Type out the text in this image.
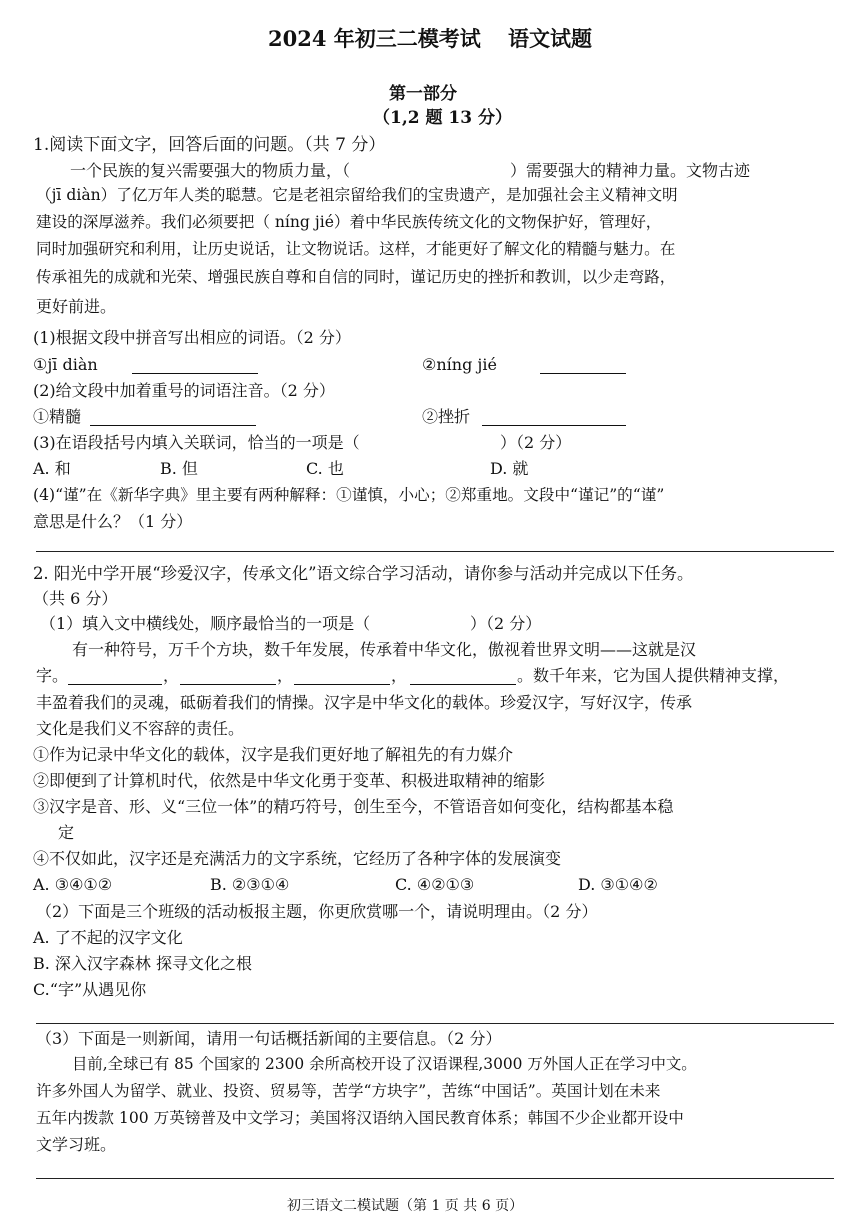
2024 年初三二模考试 语文试题
第一部分
（1,2 题 13 分）
1.阅读下面文字，回答后面的问题。（共 7 分）
一个民族的复兴需要强大的物质力量，（	）需要强大的精神力量。文物古迹
（jī diàn）了亿万年人类的聪慧。它是老祖宗留给我们的宝贵遗产，是加强社会主义精神文明
建设的深厚滋养。我们必须要把（ níng jié）着中华民族传统文化的文物保护好，管理好，
同时加强研究和利用，让历史说话，让文物说话。这样，才能更好了解文化的精髓与魅力。在
传承祖先的成就和光荣、增强民族自尊和自信的同时，谨记历史的挫折和教训，以少走弯路，
更好前进。
(1)根据文段中拼音写出相应的词语。（2 分）
①jī diàn	②níng jié
(2)给文段中加着重号的词语注音。（2 分）
①精髓	②挫折
(3)在语段括号内填入关联词，恰当的一项是（	）（2 分）
A. 和	B. 但	C. 也	D. 就
(4)“谨”在《新华字典》里主要有两种解释：①谨慎，小心；②郑重地。文段中“谨记”的“谨”
意思是什么？（1 分）
2. 阳光中学开展“珍爱汉字，传承文化”语文综合学习活动，请你参与活动并完成以下任务。
（共 6 分）
（1）填入文中横线处，顺序最恰当的一项是（	）（2 分）
有一种符号，万千个方块，数千年发展，传承着中华文化，傲视着世界文明——这就是汉
字。	，	，	，	。数千年来，它为国人提供精神支撑，
丰盈着我们的灵魂，砥砺着我们的情操。汉字是中华文化的载体。珍爱汉字，写好汉字，传承
文化是我们义不容辞的责任。
①作为记录中华文化的载体，汉字是我们更好地了解祖先的有力媒介
②即便到了计算机时代，依然是中华文化勇于变革、积极进取精神的缩影
③汉字是音、形、义“三位一体”的精巧符号，创生至今，不管语音如何变化，结构都基本稳
定
④不仅如此，汉字还是充满活力的文字系统，它经历了各种字体的发展演变
A. ③④①②	B. ②③①④	C. ④②①③	D. ③①④②
（2）下面是三个班级的活动板报主题，你更欣赏哪一个，请说明理由。（2 分）
A. 了不起的汉字文化
B. 深入汉字森林 探寻文化之根
C.“字”从遇见你
（3）下面是一则新闻，请用一句话概括新闻的主要信息。（2 分）
目前,全球已有 85 个国家的 2300 余所高校开设了汉语课程,3000 万外国人正在学习中文。
许多外国人为留学、就业、投资、贸易等，苦学“方块字”，苦练“中国话”。英国计划在未来
五年内拨款 100 万英镑普及中文学习；美国将汉语纳入国民教育体系；韩国不少企业都开设中
文学习班。
初三语文二模试题（第 1 页 共 6 页）
